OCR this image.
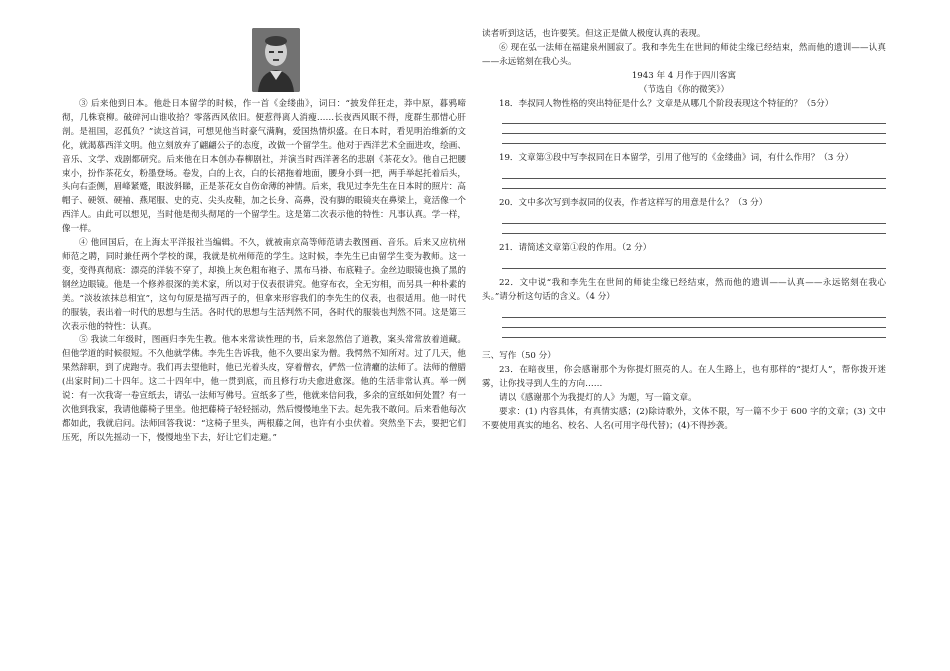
③ 后来他到日本。他赴日本留学的时候，作一首《金缕曲》，词曰：“披发佯狂走，莽中原，暮鸦啼彻，几株衰柳。破碎河山谁收拾？零落西风依旧。便惹得离人消瘦……长夜西风眠不得，度群生那惜心肝剖。是祖国，忍孤负？”读这首词，可想见他当时豪气满胸，爱国热情炽盛。在日本时，看见明治维新的文化，就渴慕西洋文明。他立刻放弃了翩翩公子的态度，改做一个留学生。他对于西洋艺术全面进攻，绘画、音乐、文学、戏剧都研究。后来他在日本创办春柳剧社，并演当时西洋著名的悲剧《茶花女》。他自己把腰束小，扮作茶花女，粉墨登场。卷发，白的上衣，白的长裙拖着地面，腰身小到一把，两手举起托着后头，头向右歪侧，眉峰紧蹙，眼波斜睇，正是茶花女自伤命薄的神情。后来，我见过李先生在日本时的照片：高帽子、硬领、硬袖、燕尾服、史的克、尖头皮鞋，加之长身、高鼻，没有脚的眼镜夹在鼻梁上，竟活像一个西洋人。由此可以想见，当时他是彻头彻尾的一个留学生。这是第二次表示他的特性：凡事认真。学一样，像一样。

④ 他回国后，在上海太平洋报社当编辑。不久，就被南京高等师范请去教图画、音乐。后来又应杭州师范之聘，同时兼任两个学校的课，我就是杭州师范的学生。这时候，李先生已由留学生变为教师。这一变，变得真彻底：漂亮的洋装不穿了，却换上灰色粗布袍子、黑布马褂、布底鞋子。金丝边眼镜也换了黑的钢丝边眼镜。他是一个修养很深的美术家，所以对于仪表很讲究。他穿布衣，全无穷相，而另具一种朴素的美。“淡妆浓抹总相宜”，这句句原是描写西子的，但拿来形容我们的李先生的仪表，也很适用。他一时代的服装，表出着一时代的思想与生活。各时代的思想与生活判然不同，各时代的服装也判然不同。这是第三次表示他的特性：认真。

⑤ 我读二年级时，图画归李先生教。他本来常读性理的书，后来忽然信了道教，案头常常放着道藏。但他学道的时候很短。不久他就学佛。李先生告诉我，他不久要出家为僧。我愕然不知所对。过了几天，他果然辞职，到了虎跑寺。我们再去望他时，他已光着头皮，穿着僧衣，俨然一位清癯的法师了。法师的僧腊(出家时间)二十四年。这二十四年中，他一贯到底，而且修行功夫愈进愈深。他的生活非常认真。举一例说：有一次我寄一卷宣纸去，请弘一法师写佛号。宣纸多了些，他就来信问我，多余的宣纸如何处置？有一次他到我家，我请他藤椅子里坐。他把藤椅子轻轻摇动，然后慢慢地坐下去。起先我不敢问。后来看他每次都如此，我就启问。法师回答我说：“这椅子里头，两根藤之间，也许有小虫伏着。突然坐下去，要把它们压死，所以先摇动一下，慢慢地坐下去，好让它们走避。”

读者听到这话，也许要笑。但这正是做人极度认真的表现。

⑥ 现在弘一法师在福建泉州圆寂了。我和李先生在世间的师徒尘缘已经结束，然而他的遗训——认真——永远铭刻在我心头。

1943 年 4 月作于四川客寓

（节选自《你的微笑》）

18．李叔同人物性格的突出特征是什么？文章是从哪几个阶段表现这个特征的？（5分）

19．文章第③段中写李叔同在日本留学，引用了他写的《金缕曲》词，有什么作用？（3 分）

20．文中多次写到李叔同的仪表，作者这样写的用意是什么？（3 分）

21．请简述文章第①段的作用。（2 分）

22．文中说“我和李先生在世间的师徒尘缘已经结束，然而他的遗训——认真——永远铭刻在我心头。”请分析这句话的含义。（4 分）

三、写作（50 分）

23．在暗夜里，你会感谢那个为你提灯照亮的人。在人生路上，也有那样的“提灯人”，帮你拨开迷雾，让你找寻到人生的方向……

请以《感谢那个为我提灯的人》为题，写一篇文章。

要求：(1) 内容具体，有真情实感；(2)除诗歌外，文体不限，写一篇不少于 600 字的文章；(3) 文中不要使用真实的地名、校名、人名(可用字母代替)；(4)不得抄袭。
